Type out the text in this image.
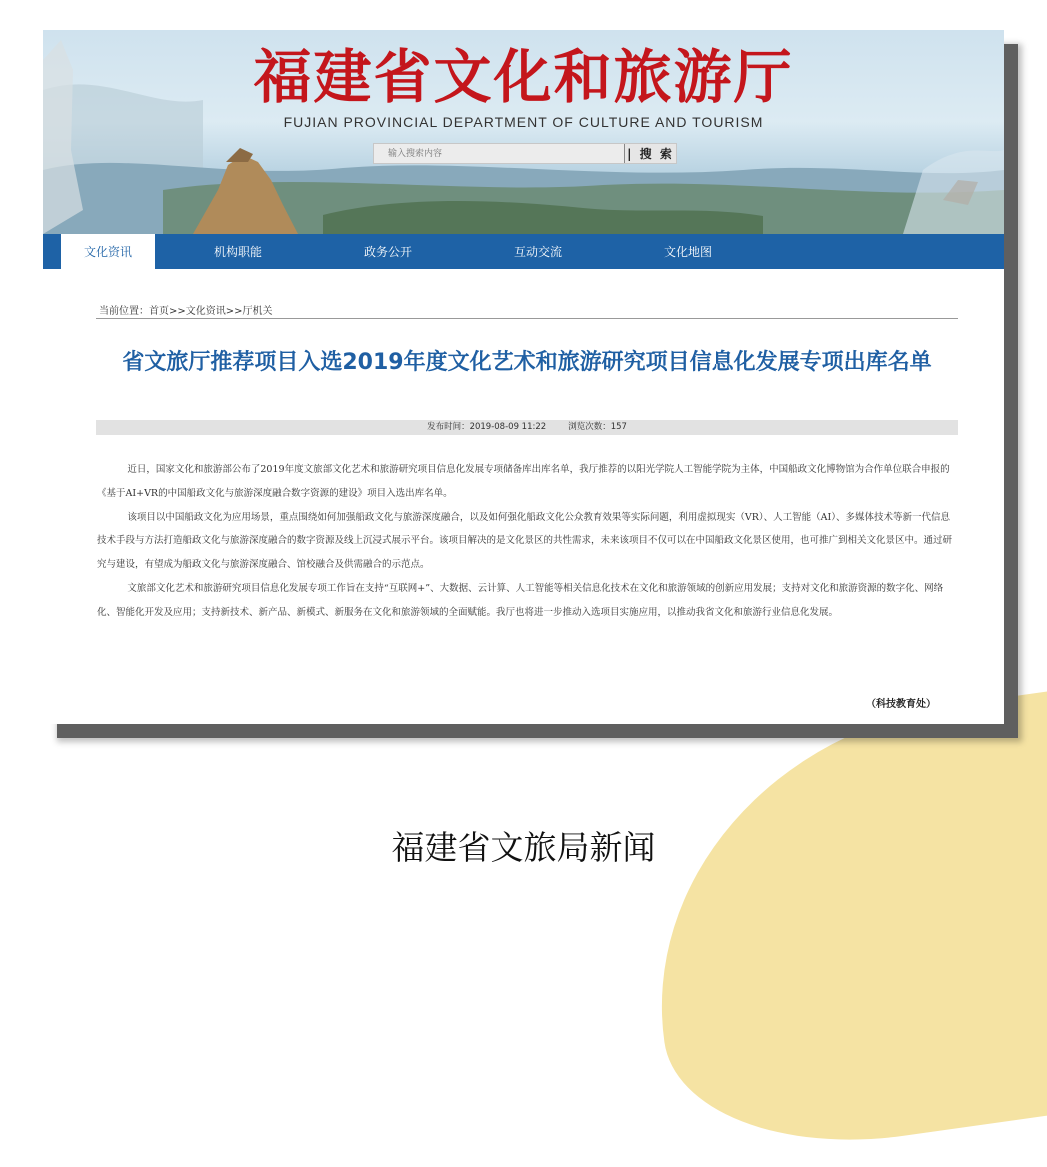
福建省文化和旅游厅
FUJIAN PROVINCIAL DEPARTMENT OF CULTURE AND TOURISM
输入搜索内容
| 搜 索
文化资讯	机构职能	政务公开	互动交流	文化地图
当前位置：首页>>文化资讯>>厅机关
省文旅厅推荐项目入选2019年度文化艺术和旅游研究项目信息化发展专项出库名单
发布时间：2019-08-09 11:22	浏览次数：157

近日，国家文化和旅游部公布了2019年度文旅部文化艺术和旅游研究项目信息化发展专项储备库出库名单，我厅推荐的以阳光学院人工智能学院为主体，中国船政文化博物馆为合作单位联合申报的《基于AI+VR的中国船政文化与旅游深度融合数字资源的建设》项目入选出库名单。

该项目以中国船政文化为应用场景，重点围绕如何加强船政文化与旅游深度融合，以及如何强化船政文化公众教育效果等实际问题，利用虚拟现实（VR）、人工智能（AI）、多媒体技术等新一代信息技术手段与方法打造船政文化与旅游深度融合的数字资源及线上沉浸式展示平台。该项目解决的是文化景区的共性需求，未来该项目不仅可以在中国船政文化景区使用，也可推广到相关文化景区中。通过研究与建设，有望成为船政文化与旅游深度融合、馆校融合及供需融合的示范点。

文旅部文化艺术和旅游研究项目信息化发展专项工作旨在支持“互联网+”、大数据、云计算、人工智能等相关信息化技术在文化和旅游领域的创新应用发展；支持对文化和旅游资源的数字化、网络化、智能化开发及应用；支持新技术、新产品、新模式、新服务在文化和旅游领域的全面赋能。我厅也将进一步推动入选项目实施应用，以推动我省文化和旅游行业信息化发展。

（科技教育处）
福建省文旅局新闻
